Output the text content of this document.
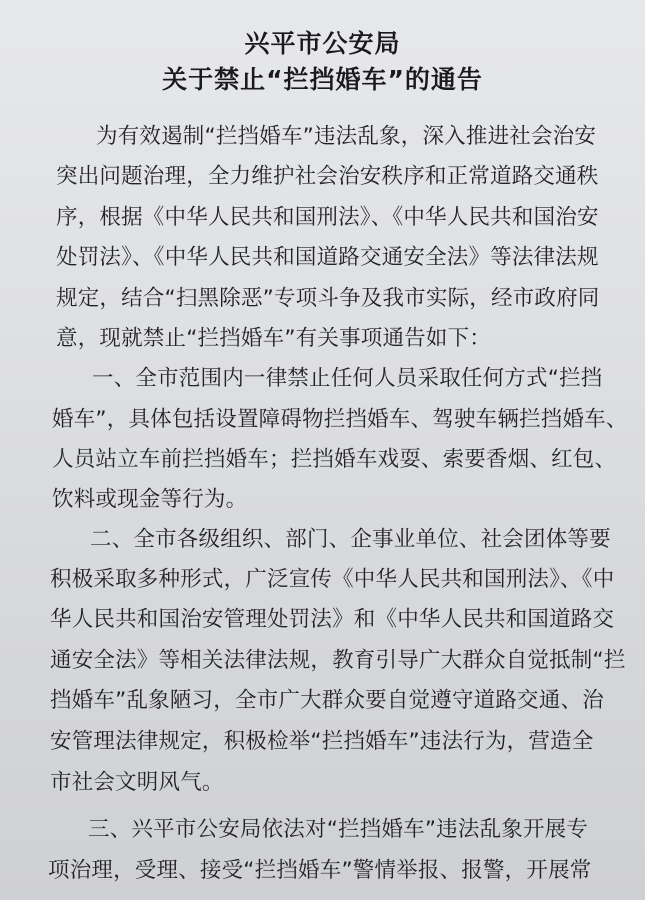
兴平市公安局
关于禁止“拦挡婚车”的通告
为有效遏制“拦挡婚车”违法乱象，深入推进社会治安
突出问题治理，全力维护社会治安秩序和正常道路交通秩
序，根据《中华人民共和国刑法》、《中华人民共和国治安
处罚法》、《中华人民共和国道路交通安全法》等法律法规
规定，结合“扫黑除恶”专项斗争及我市实际，经市政府同
意，现就禁止“拦挡婚车”有关事项通告如下：
一、全市范围内一律禁止任何人员采取任何方式“拦挡
婚车”，具体包括设置障碍物拦挡婚车、驾驶车辆拦挡婚车、
人员站立车前拦挡婚车；拦挡婚车戏耍、索要香烟、红包、
饮料或现金等行为。
二、全市各级组织、部门、企事业单位、社会团体等要
积极采取多种形式，广泛宣传《中华人民共和国刑法》、《中
华人民共和国治安管理处罚法》和《中华人民共和国道路交
通安全法》等相关法律法规，教育引导广大群众自觉抵制“拦
挡婚车”乱象陋习，全市广大群众要自觉遵守道路交通、治
安管理法律规定，积极检举“拦挡婚车”违法行为，营造全
市社会文明风气。
三、兴平市公安局依法对“拦挡婚车”违法乱象开展专
项治理，受理、接受“拦挡婚车”警情举报、报警，开展常
